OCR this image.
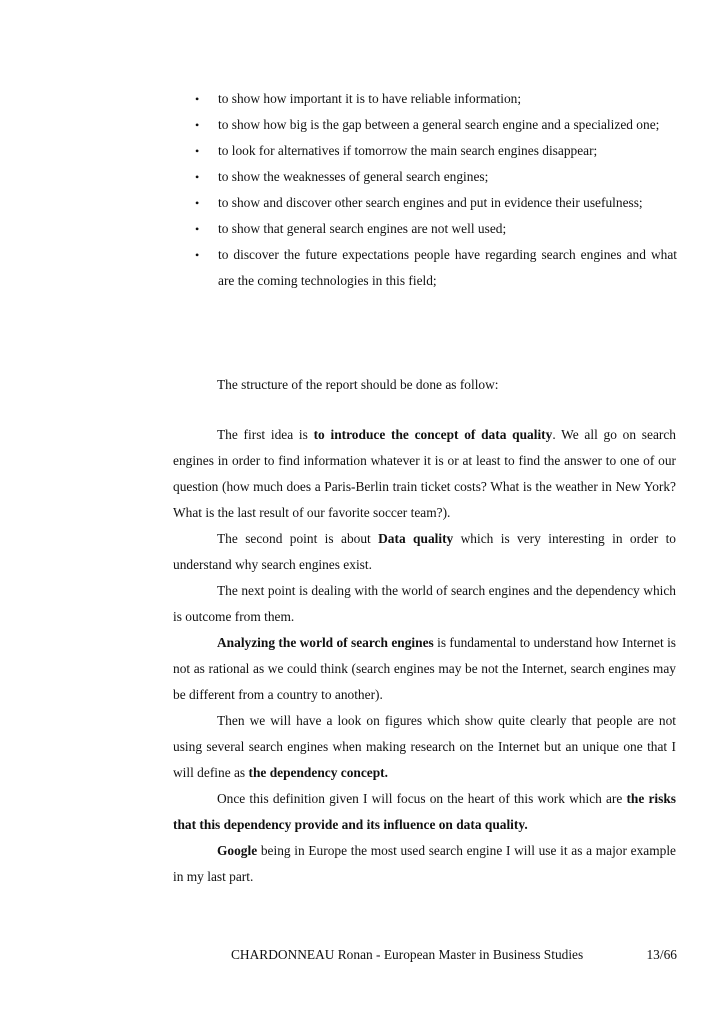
• to show how important it is to have reliable information;
• to show how big is the gap between a general search engine and a specialized one;
• to look for alternatives if tomorrow the main search engines disappear;
• to show the weaknesses of general search engines;
• to show and discover other search engines and put in evidence their usefulness;
• to show that general search engines are not well used;
• to discover the future expectations people have regarding search engines and what are the coming technologies in this field;
The structure of the report should be done as follow:

The first idea is to introduce the concept of data quality. We all go on search engines in order to find information whatever it is or at least to find the answer to one of our question (how much does a Paris-Berlin train ticket costs? What is the weather in New York? What is the last result of our favorite soccer team?).

The second point is about Data quality which is very interesting in order to understand why search engines exist.

The next point is dealing with the world of search engines and the dependency which is outcome from them.

Analyzing the world of search engines is fundamental to understand how Internet is not as rational as we could think (search engines may be not the Internet, search engines may be different from a country to another).

Then we will have a look on figures which show quite clearly that people are not using several search engines when making research on the Internet but an unique one that I will define as the dependency concept.

Once this definition given I will focus on the heart of this work which are the risks that this dependency provide and its influence on data quality.

Google being in Europe the most used search engine I will use it as a major example in my last part.

CHARDONNEAU Ronan - European Master in Business Studies	13/66
